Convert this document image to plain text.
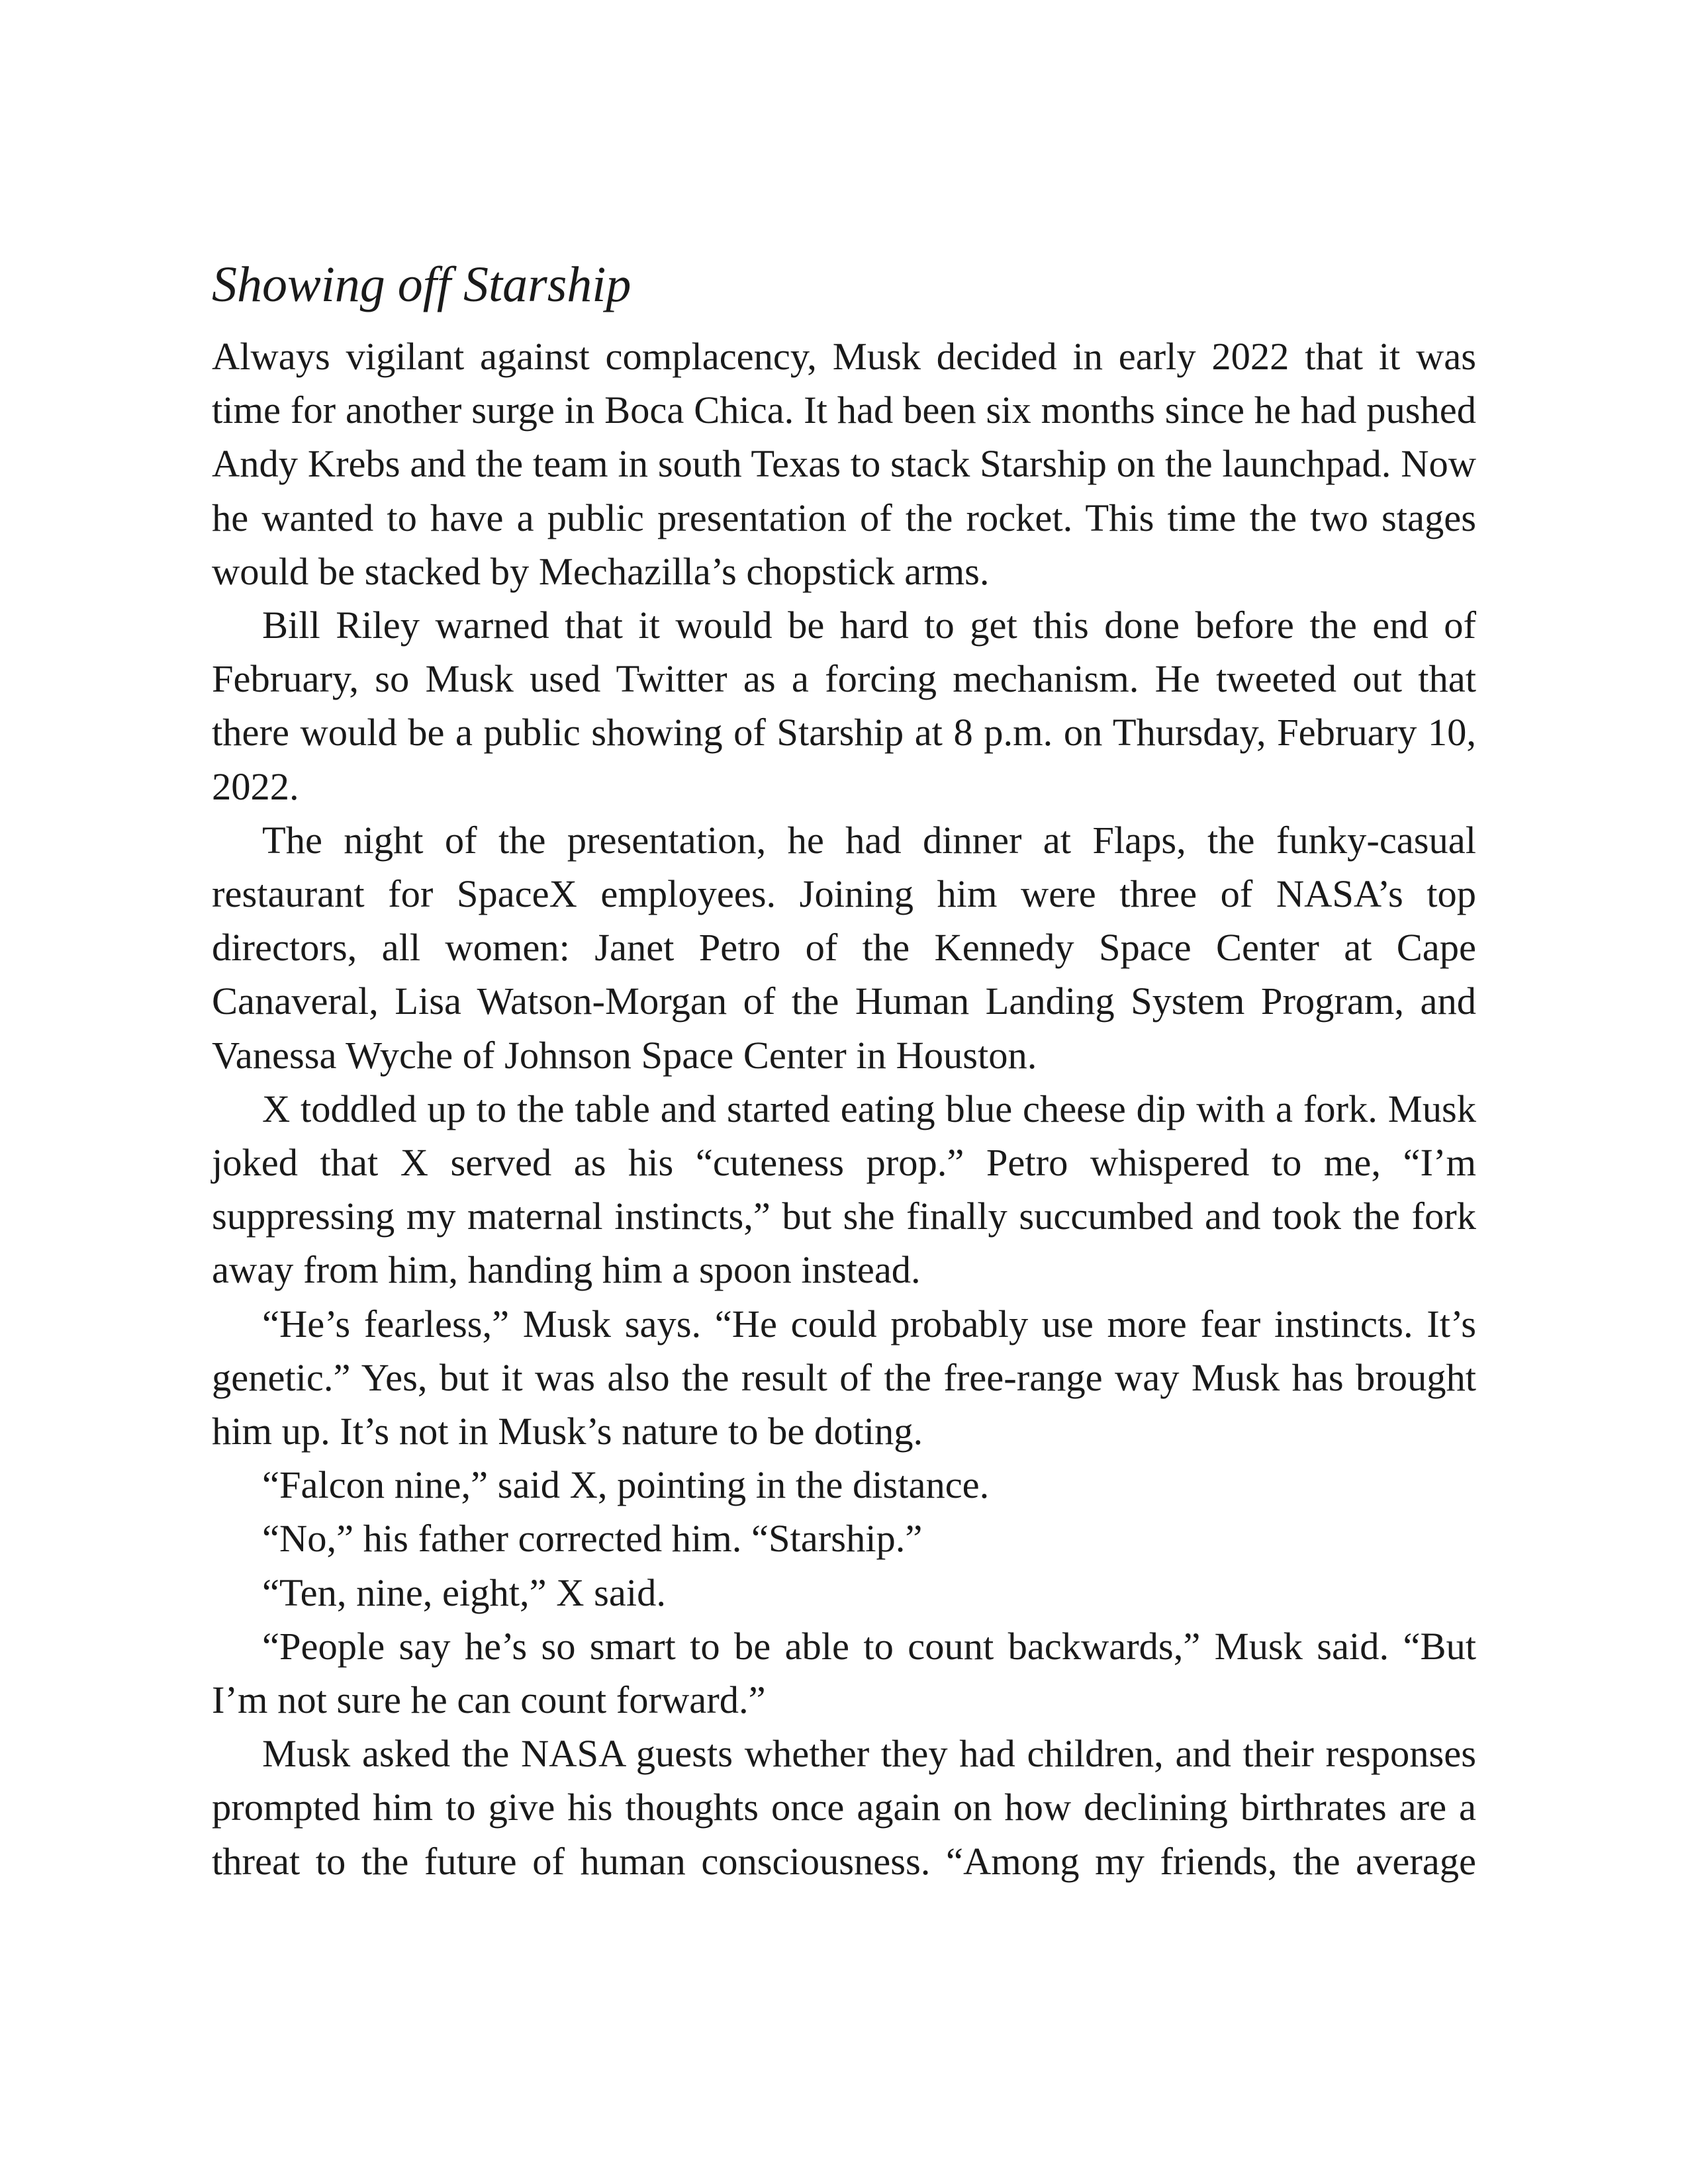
Showing off Starship

Always vigilant against complacency, Musk decided in early 2022 that it was time for another surge in Boca Chica. It had been six months since he had pushed Andy Krebs and the team in south Texas to stack Starship on the launchpad. Now he wanted to have a public presentation of the rocket. This time the two stages would be stacked by Mechazilla’s chopstick arms.

Bill Riley warned that it would be hard to get this done before the end of February, so Musk used Twitter as a forcing mechanism. He tweeted out that there would be a public showing of Starship at 8 p.m. on Thursday, February 10, 2022.

The night of the presentation, he had dinner at Flaps, the funky-casual restaurant for SpaceX employees. Joining him were three of NASA’s top directors, all women: Janet Petro of the Kennedy Space Center at Cape Canaveral, Lisa Watson-Morgan of the Human Landing System Program, and Vanessa Wyche of Johnson Space Center in Houston.

X toddled up to the table and started eating blue cheese dip with a fork. Musk joked that X served as his “cuteness prop.” Petro whispered to me, “I’m suppressing my maternal instincts,” but she finally succumbed and took the fork away from him, handing him a spoon instead.

“He’s fearless,” Musk says. “He could probably use more fear instincts. It’s genetic.” Yes, but it was also the result of the free-range way Musk has brought him up. It’s not in Musk’s nature to be doting.

“Falcon nine,” said X, pointing in the distance.

“No,” his father corrected him. “Starship.”

“Ten, nine, eight,” X said.

“People say he’s so smart to be able to count backwards,” Musk said. “But I’m not sure he can count forward.”

Musk asked the NASA guests whether they had children, and their responses prompted him to give his thoughts once again on how declining birthrates are a threat to the future of human consciousness. “Among my friends, the average
